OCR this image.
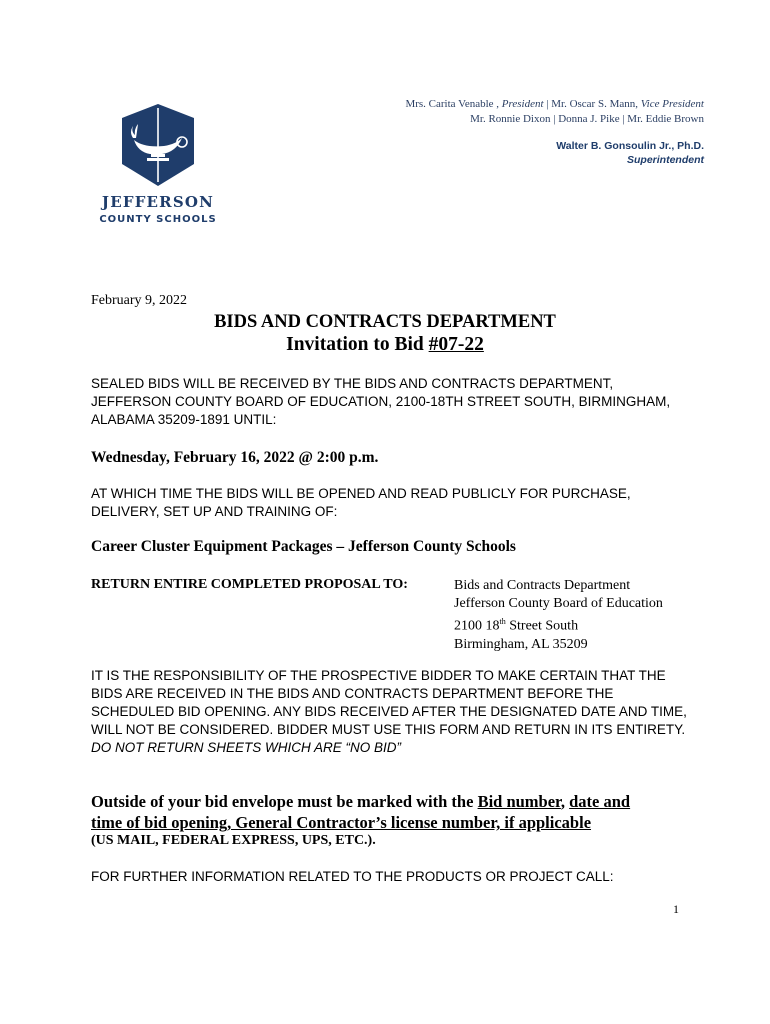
JEFFERSON
COUNTY SCHOOLS
Mrs. Carita Venable , President | Mr. Oscar S. Mann, Vice President
Mr. Ronnie Dixon | Donna J. Pike | Mr. Eddie Brown
Walter B. Gonsoulin Jr., Ph.D.
Superintendent
February 9, 2022
BIDS AND CONTRACTS DEPARTMENT
Invitation to Bid #07-22
SEALED BIDS WILL BE RECEIVED BY THE BIDS AND CONTRACTS DEPARTMENT, JEFFERSON COUNTY BOARD OF EDUCATION, 2100-18TH STREET SOUTH, BIRMINGHAM, ALABAMA 35209-1891 UNTIL:
Wednesday, February 16, 2022 @ 2:00 p.m.
AT WHICH TIME THE BIDS WILL BE OPENED AND READ PUBLICLY FOR PURCHASE, DELIVERY, SET UP AND TRAINING OF:
Career Cluster Equipment Packages – Jefferson County Schools
RETURN ENTIRE COMPLETED PROPOSAL TO:	Bids and Contracts Department
Jefferson County Board of Education
2100 18th Street South
Birmingham, AL 35209
IT IS THE RESPONSIBILITY OF THE PROSPECTIVE BIDDER TO MAKE CERTAIN THAT THE BIDS ARE RECEIVED IN THE BIDS AND CONTRACTS DEPARTMENT BEFORE THE SCHEDULED BID OPENING. ANY BIDS RECEIVED AFTER THE DESIGNATED DATE AND TIME, WILL NOT BE CONSIDERED. BIDDER MUST USE THIS FORM AND RETURN IN ITS ENTIRETY. DO NOT RETURN SHEETS WHICH ARE “NO BID”
Outside of your bid envelope must be marked with the Bid number, date and
time of bid opening, General Contractor’s license number, if applicable
(US MAIL, FEDERAL EXPRESS, UPS, ETC.).
FOR FURTHER INFORMATION RELATED TO THE PRODUCTS OR PROJECT CALL:
1
